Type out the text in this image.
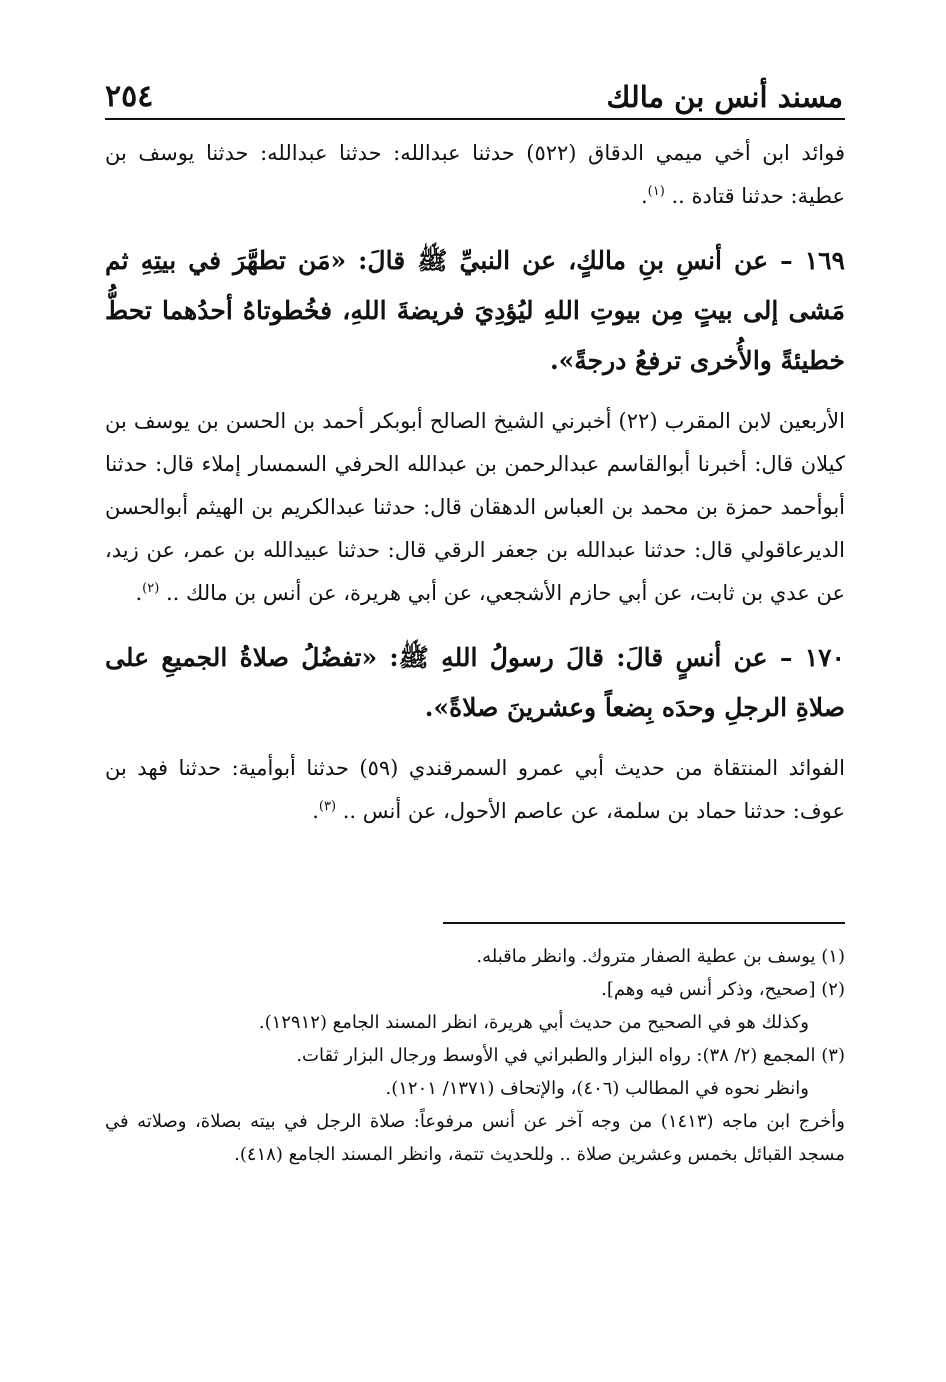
٢٥٤	مسند أنس بن مالك

فوائد ابن أخي ميمي الدقاق (٥٢٢) حدثنا عبدالله: حدثنا عبدالله: حدثنا يوسف بن عطية: حدثنا قتادة .. $^{(١)}$.

١٦٩ – عن أنسِ بنِ مالكٍ، عن النبيِّ ﷺ قالَ: «مَن تطهَّرَ في بيتِهِ ثم مَشى إلى بيتٍ مِن بيوتِ اللهِ ليُؤدِيَ فريضةَ اللهِ، فخُطوتاهُ أحدُهما تحطُّ خطيئةً والأُخرى ترفعُ درجةً».

الأربعين لابن المقرب (٢٢) أخبرني الشيخ الصالح أبوبكر أحمد بن الحسن بن يوسف بن كيلان قال: أخبرنا أبوالقاسم عبدالرحمن بن عبدالله الحرفي السمسار إملاء قال: حدثنا أبوأحمد حمزة بن محمد بن العباس الدهقان قال: حدثنا عبدالكريم بن الهيثم أبوالحسن الديرعاقولي قال: حدثنا عبدالله بن جعفر الرقي قال: حدثنا عبيدالله بن عمر، عن زيد، عن عدي بن ثابت، عن أبي حازم الأشجعي، عن أبي هريرة، عن أنس بن مالك .. $^{(٢)}$.

١٧٠ – عن أنسٍ قالَ: قالَ رسولُ اللهِ ﷺ: «تفضُلُ صلاةُ الجميعِ على صلاةِ الرجلِ وحدَه بِضعاً وعشرينَ صلاةً».

الفوائد المنتقاة من حديث أبي عمرو السمرقندي (٥٩) حدثنا أبوأمية: حدثنا فهد بن عوف: حدثنا حماد بن سلمة، عن عاصم الأحول، عن أنس .. $^{(٣)}$.

(١) يوسف بن عطية الصفار متروك. وانظر ماقبله.

(٢) [صحيح، وذكر أنس فيه وهم].

وكذلك هو في الصحيح من حديث أبي هريرة، انظر المسند الجامع (١٢٩١٢).

(٣) المجمع (٢/ ٣٨): رواه البزار والطبراني في الأوسط ورجال البزار ثقات.

وانظر نحوه في المطالب (٤٠٦)، والإتحاف (١٣٧١/ ١٢٠١).

وأخرج ابن ماجه (١٤١٣) من وجه آخر عن أنس مرفوعاً: صلاة الرجل في بيته بصلاة، وصلاته في مسجد القبائل بخمس وعشرين صلاة .. وللحديث تتمة، وانظر المسند الجامع (٤١٨).
